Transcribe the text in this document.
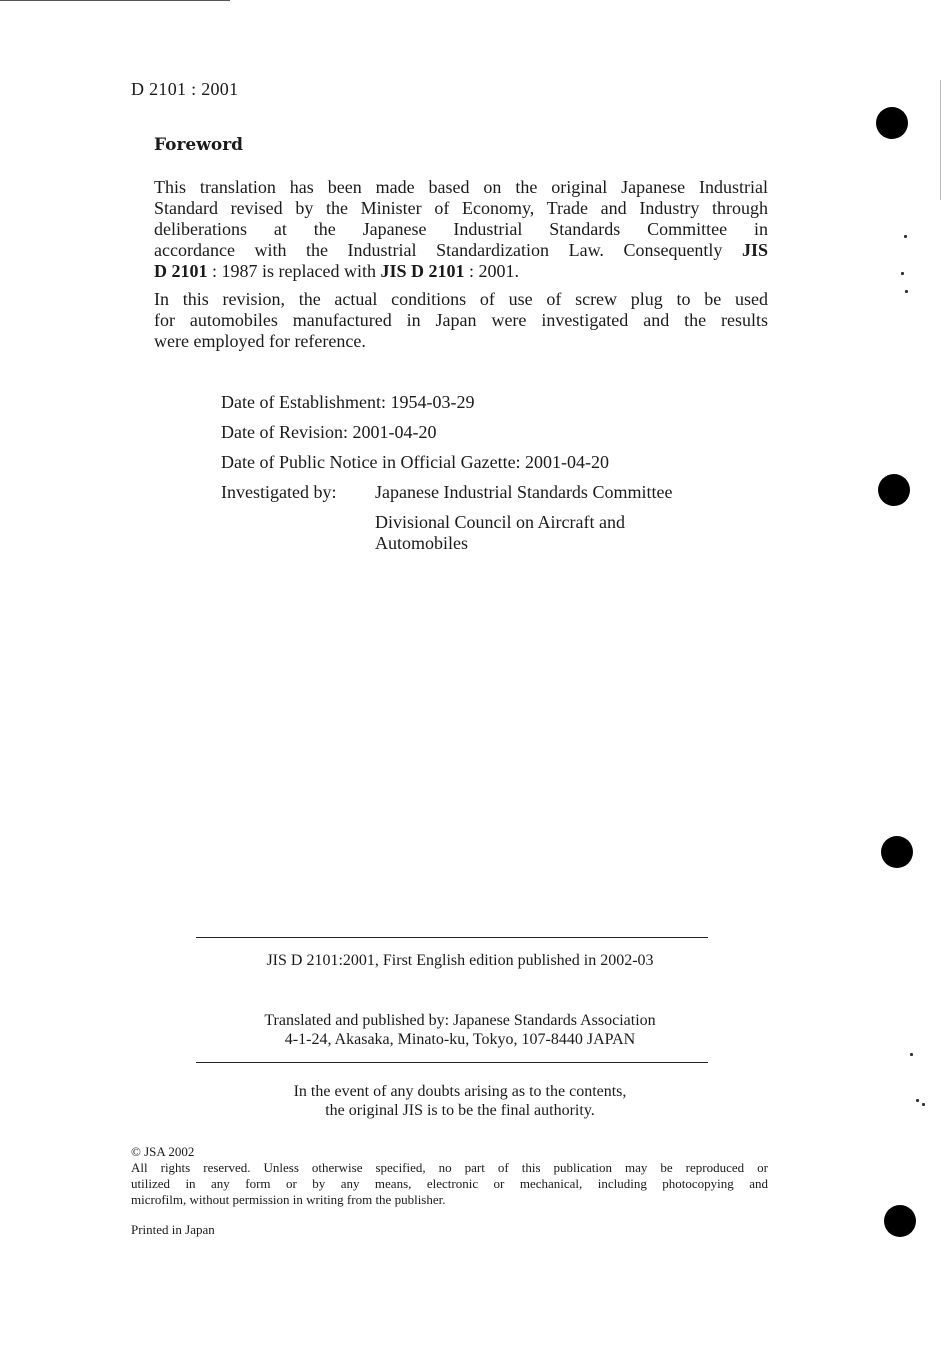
D 2101 : 2001
Foreword
This translation has been made based on the original Japanese Industrial
Standard revised by the Minister of Economy, Trade and Industry through
deliberations at the Japanese Industrial Standards Committee in
accordance with the Industrial Standardization Law. Consequently JIS
D 2101 : 1987 is replaced with JIS D 2101 : 2001.
In this revision, the actual conditions of use of screw plug to be used
for automobiles manufactured in Japan were investigated and the results
were employed for reference.
Date of Establishment: 1954-03-29
Date of Revision: 2001-04-20
Date of Public Notice in Official Gazette: 2001-04-20
Investigated by: Japanese Industrial Standards Committee
Divisional Council on Aircraft and
Automobiles
JIS D 2101:2001, First English edition published in 2002-03
Translated and published by: Japanese Standards Association
4-1-24, Akasaka, Minato-ku, Tokyo, 107-8440 JAPAN
In the event of any doubts arising as to the contents,
the original JIS is to be the final authority.
© JSA 2002
All rights reserved. Unless otherwise specified, no part of this publication may be reproduced or
utilized in any form or by any means, electronic or mechanical, including photocopying and
microfilm, without permission in writing from the publisher.
Printed in Japan
